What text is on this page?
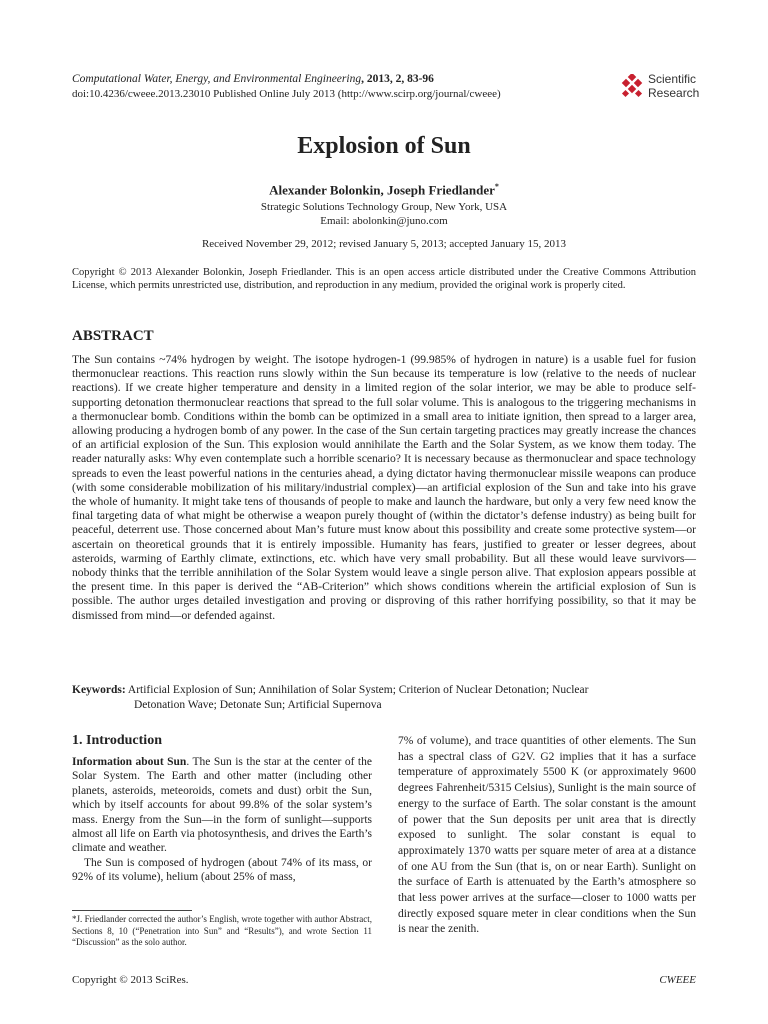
Computational Water, Energy, and Environmental Engineering, 2013, 2, 83-96
doi:10.4236/cweee.2013.23010 Published Online July 2013 (http://www.scirp.org/journal/cweee)
Scientific
Research
Explosion of Sun
Alexander Bolonkin, Joseph Friedlander*
Strategic Solutions Technology Group, New York, USA
Email: abolonkin@juno.com
Received November 29, 2012; revised January 5, 2013; accepted January 15, 2013
Copyright © 2013 Alexander Bolonkin, Joseph Friedlander. This is an open access article distributed under the Creative Commons Attribution License, which permits unrestricted use, distribution, and reproduction in any medium, provided the original work is properly cited.
ABSTRACT
The Sun contains ~74% hydrogen by weight. The isotope hydrogen-1 (99.985% of hydrogen in nature) is a usable fuel for fusion thermonuclear reactions. This reaction runs slowly within the Sun because its temperature is low (relative to the needs of nuclear reactions). If we create higher temperature and density in a limited region of the solar interior, we may be able to produce self-supporting detonation thermonuclear reactions that spread to the full solar volume. This is analogous to the triggering mechanisms in a thermonuclear bomb. Conditions within the bomb can be optimized in a small area to initiate ignition, then spread to a larger area, allowing producing a hydrogen bomb of any power. In the case of the Sun certain targeting practices may greatly increase the chances of an artificial explosion of the Sun. This explosion would annihilate the Earth and the Solar System, as we know them today. The reader naturally asks: Why even contemplate such a horrible scenario? It is necessary because as thermonuclear and space technology spreads to even the least powerful nations in the centuries ahead, a dying dictator having thermonuclear missile weapons can produce (with some considerable mobilization of his military/industrial complex)—an artificial explosion of the Sun and take into his grave the whole of humanity. It might take tens of thousands of people to make and launch the hardware, but only a very few need know the final targeting data of what might be otherwise a weapon purely thought of (within the dictator’s defense industry) as being built for peaceful, deterrent use. Those concerned about Man’s future must know about this possibility and create some protective system—or ascertain on theoretical grounds that it is entirely impossible. Humanity has fears, justified to greater or lesser degrees, about asteroids, warming of Earthly climate, extinctions, etc. which have very small probability. But all these would leave survivors—nobody thinks that the terrible annihilation of the Solar System would leave a single person alive. That explosion appears possible at the present time. In this paper is derived the “AB-Criterion” which shows conditions wherein the artificial explosion of Sun is possible. The author urges detailed investigation and proving or disproving of this rather horrifying possibility, so that it may be dismissed from mind—or defended against.
Keywords: Artificial Explosion of Sun; Annihilation of Solar System; Criterion of Nuclear Detonation; Nuclear
Detonation Wave; Detonate Sun; Artificial Supernova
1. Introduction

Information about Sun. The Sun is the star at the center of the Solar System. The Earth and other matter (including other planets, asteroids, meteoroids, comets and dust) orbit the Sun, which by itself accounts for about 99.8% of the solar system’s mass. Energy from the Sun—in the form of sunlight—supports almost all life on Earth via photosynthesis, and drives the Earth’s climate and weather.

The Sun is composed of hydrogen (about 74% of its mass, or 92% of its volume), helium (about 25% of mass,

7% of volume), and trace quantities of other elements. The Sun has a spectral class of G2V. G2 implies that it has a surface temperature of approximately 5500 K (or approximately 9600 degrees Fahrenheit/5315 Celsius), Sunlight is the main source of energy to the surface of Earth. The solar constant is the amount of power that the Sun deposits per unit area that is directly exposed to sunlight. The solar constant is equal to approximately 1370 watts per square meter of area at a distance of one AU from the Sun (that is, on or near Earth). Sunlight on the surface of Earth is attenuated by the Earth’s atmosphere so that less power arrives at the surface—closer to 1000 watts per directly exposed square meter in clear conditions when the Sun is near the zenith.
*J. Friedlander corrected the author’s English, wrote together with author Abstract, Sections 8, 10 (“Penetration into Sun” and “Results”), and wrote Section 11 “Discussion” as the solo author.
Copyright © 2013 SciRes.	CWEEE
